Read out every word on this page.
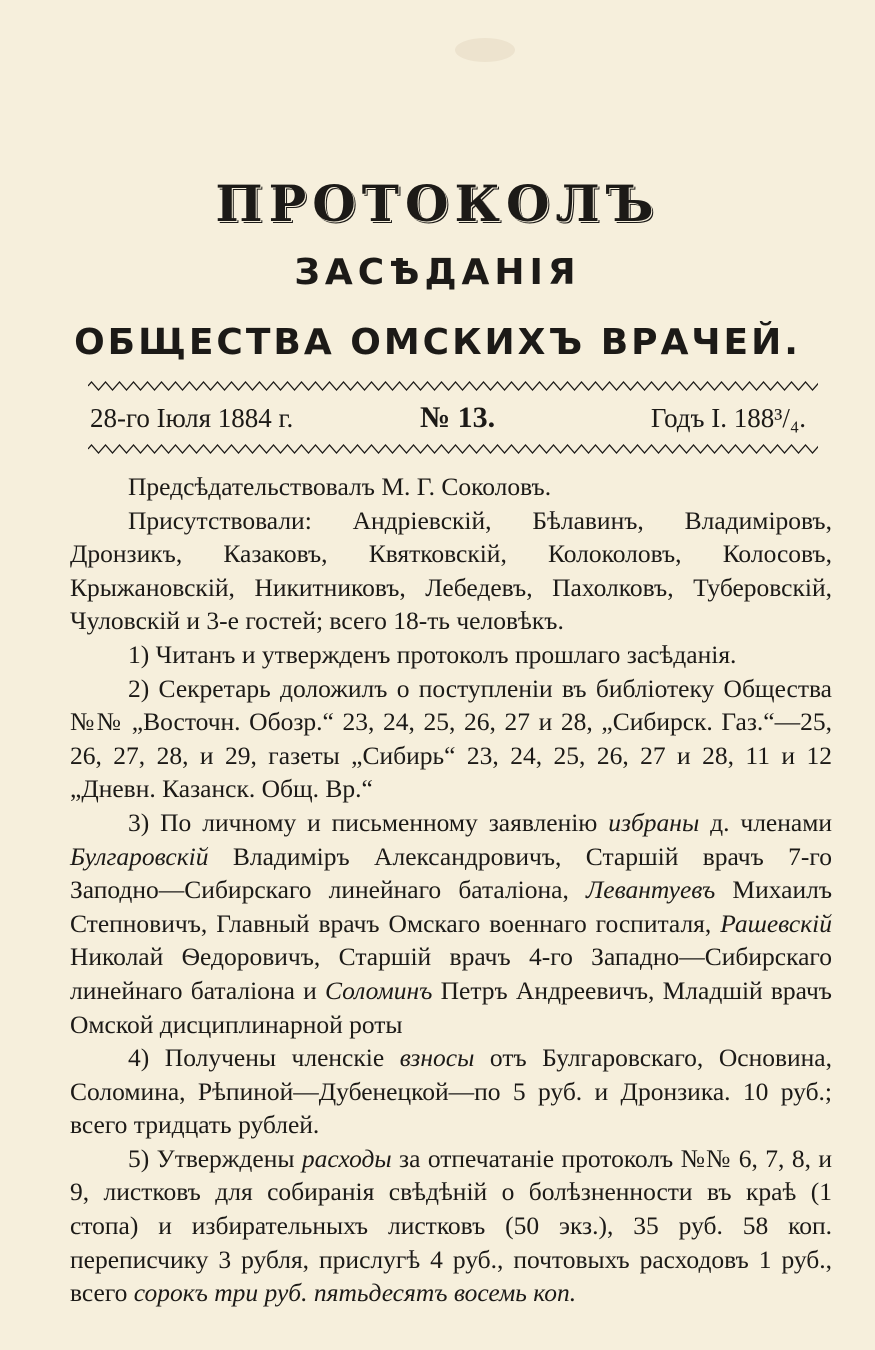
ПРОТОКОЛЪ
ЗАСѢДАНІЯ
ОБЩЕСТВА ОМСКИХЪ ВРАЧЕЙ.
28-го Іюля 1884 г.	№ 13.	Годъ I. 188³/₄.

Предсѣдательствовалъ М. Г. Соколовъ.

Присутствовали: Андріевскій, Бѣлавинъ, Владиміровъ, Дронзикъ, Казаковъ, Квятковскій, Колоколовъ, Колосовъ, Крыжановскій, Никитниковъ, Лебедевъ, Пахолковъ, Туберовскій, Чуловскій и 3-е гостей; всего 18-ть человѣкъ.

1) Читанъ и утвержденъ протоколъ прошлаго засѣданія.

2) Секретарь доложилъ о поступленіи въ библіотеку Общества №№ „Восточн. Обозр.“ 23, 24, 25, 26, 27 и 28, „Сибирск. Газ.“—25, 26, 27, 28, и 29, газеты „Сибирь“ 23, 24, 25, 26, 27 и 28, 11 и 12 „Дневн. Казанск. Общ. Вр.“

3) По личному и письменному заявленію избраны д. членами Булгаровскій Владиміръ Александровичъ, Старшій врачъ 7-го Заподно—Сибирскаго линейнаго баталіона, Левантуевъ Михаилъ Степновичъ, Главный врачъ Омскаго военнаго госпиталя, Рашевскій Николай Ѳедоровичъ, Старшій врачъ 4-го Западно—Сибирскаго линейнаго баталіона и Соломинъ Петръ Андреевичъ, Младшій врачъ Омской дисциплинарной роты

4) Получены членскіе взносы отъ Булгаровскаго, Основина, Соломина, Рѣпиной—Дубенецкой—по 5 руб. и Дронзика. 10 руб.; всего тридцать рублей.

5) Утверждены расходы за отпечатаніе протоколъ №№ 6, 7, 8, и 9, листковъ для собиранія свѣдѣній о болѣзненности въ краѣ (1 стопа) и избирательныхъ листковъ (50 экз.), 35 руб. 58 коп. переписчику 3 рубля, прислугѣ 4 руб., почтовыхъ расходовъ 1 руб., всего сорокъ три руб. пятьдесятъ восемь коп.
